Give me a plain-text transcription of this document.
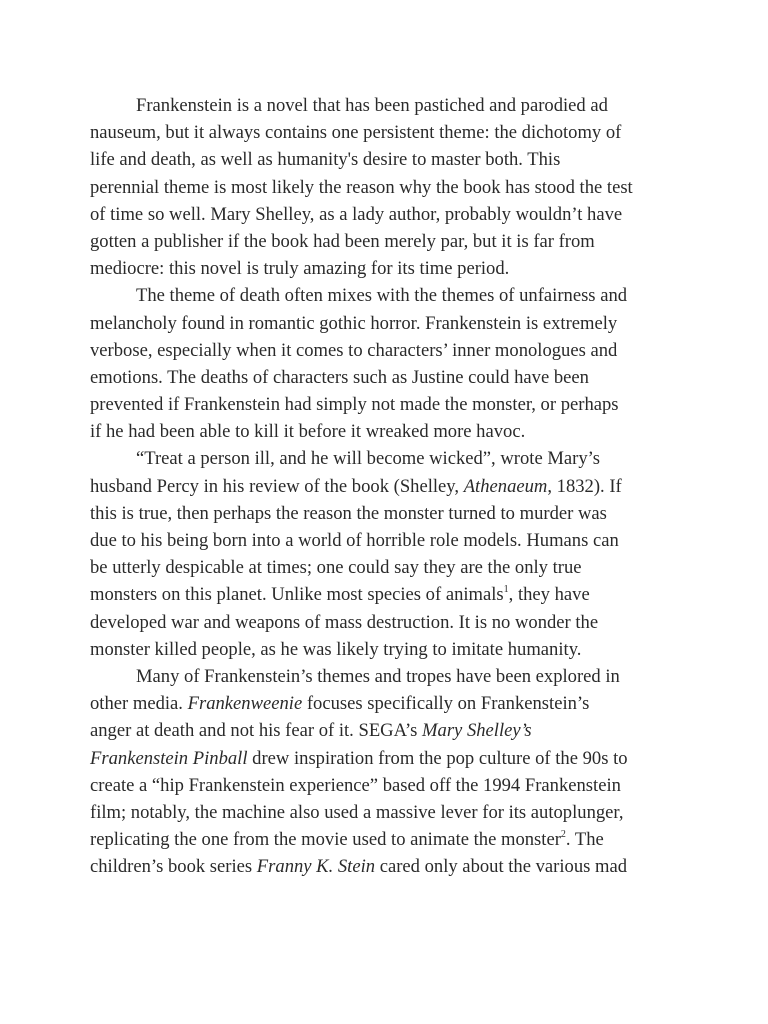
Frankenstein is a novel that has been pastiched and parodied ad
nauseum, but it always contains one persistent theme: the dichotomy of
life and death, as well as humanity's desire to master both. This
perennial theme is most likely the reason why the book has stood the test
of time so well. Mary Shelley, as a lady author, probably wouldn’t have
gotten a publisher if the book had been merely par, but it is far from
mediocre: this novel is truly amazing for its time period.
The theme of death often mixes with the themes of unfairness and
melancholy found in romantic gothic horror. Frankenstein is extremely
verbose, especially when it comes to characters’ inner monologues and
emotions. The deaths of characters such as Justine could have been
prevented if Frankenstein had simply not made the monster, or perhaps
if he had been able to kill it before it wreaked more havoc.
“Treat a person ill, and he will become wicked”, wrote Mary’s
husband Percy in his review of the book (Shelley, Athenaeum, 1832). If
this is true, then perhaps the reason the monster turned to murder was
due to his being born into a world of horrible role models. Humans can
be utterly despicable at times; one could say they are the only true
monsters on this planet. Unlike most species of animals$^1$, they have
developed war and weapons of mass destruction. It is no wonder the
monster killed people, as he was likely trying to imitate humanity.
Many of Frankenstein’s themes and tropes have been explored in
other media. Frankenweenie focuses specifically on Frankenstein’s
anger at death and not his fear of it. SEGA’s Mary Shelley’s
Frankenstein Pinball drew inspiration from the pop culture of the 90s to
create a “hip Frankenstein experience” based off the 1994 Frankenstein
film; notably, the machine also used a massive lever for its autoplunger,
replicating the one from the movie used to animate the monster$^2$. The
children’s book series Franny K. Stein cared only about the various mad
